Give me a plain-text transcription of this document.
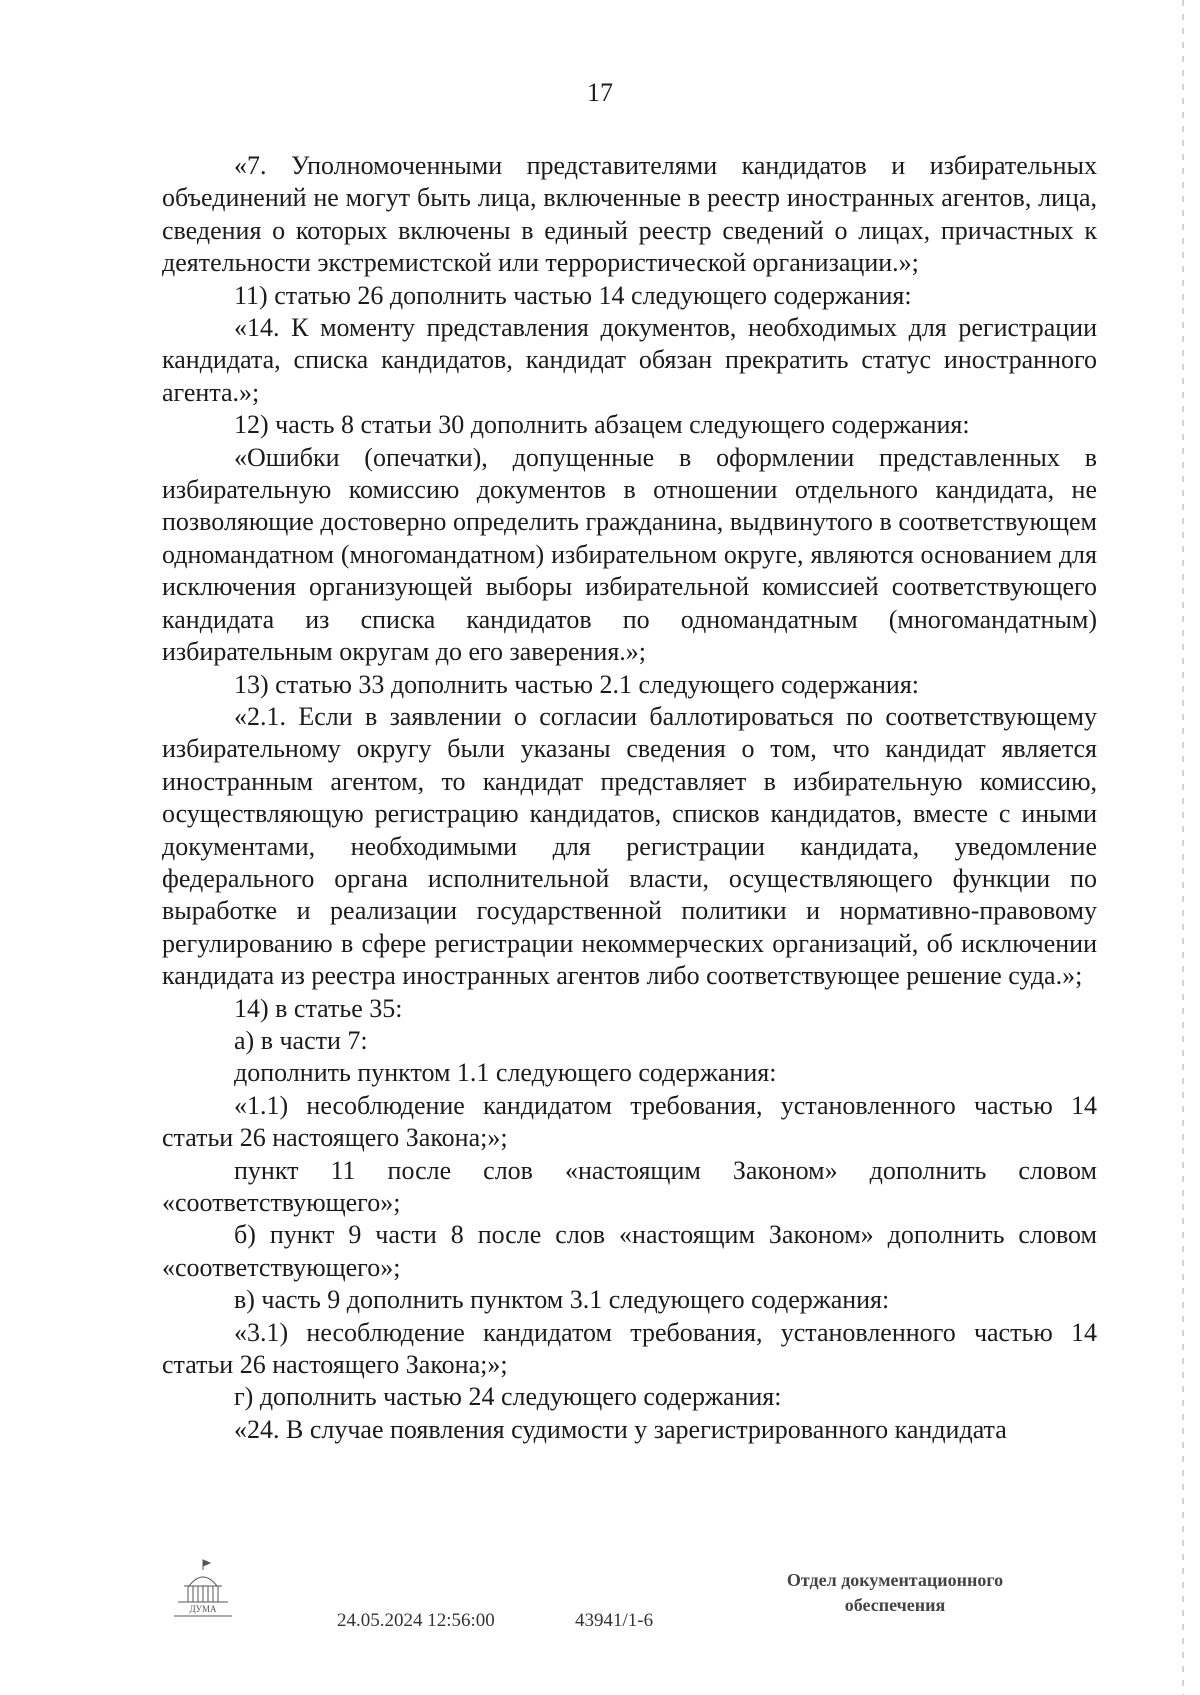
17

«7. Уполномоченными представителями кандидатов и избирательных объединений не могут быть лица, включенные в реестр иностранных агентов, лица, сведения о которых включены в единый реестр сведений о лицах, причастных к деятельности экстремистской или террористической организации.»;

11) статью 26 дополнить частью 14 следующего содержания:

«14. К моменту представления документов, необходимых для регистрации кандидата, списка кандидатов, кандидат обязан прекратить статус иностранного агента.»;

12) часть 8 статьи 30 дополнить абзацем следующего содержания:

«Ошибки (опечатки), допущенные в оформлении представленных в избирательную комиссию документов в отношении отдельного кандидата, не позволяющие достоверно определить гражданина, выдвинутого в соответствующем одномандатном (многомандатном) избирательном округе, являются основанием для исключения организующей выборы избирательной комиссией соответствующего кандидата из списка кандидатов по одномандатным (многомандатным) избирательным округам до его заверения.»;

13) статью 33 дополнить частью 2.1 следующего содержания:

«2.1. Если в заявлении о согласии баллотироваться по соответствующему избирательному округу были указаны сведения о том, что кандидат является иностранным агентом, то кандидат представляет в избирательную комиссию, осуществляющую регистрацию кандидатов, списков кандидатов, вместе с иными документами, необходимыми для регистрации кандидата, уведомление федерального органа исполнительной власти, осуществляющего функции по выработке и реализации государственной политики и нормативно-правовому регулированию в сфере регистрации некоммерческих организаций, об исключении кандидата из реестра иностранных агентов либо соответствующее решение суда.»;

14) в статье 35:

а) в части 7:

дополнить пунктом 1.1 следующего содержания:

«1.1) несоблюдение кандидатом требования, установленного частью 14 статьи 26 настоящего Закона;»;

пункт 11 после слов «настоящим Законом» дополнить словом «соответствующего»;

б) пункт 9 части 8 после слов «настоящим Законом» дополнить словом «соответствующего»;

в) часть 9 дополнить пунктом 3.1 следующего содержания:

«3.1) несоблюдение кандидатом требования, установленного частью 14 статьи 26 настоящего Закона;»;

г) дополнить частью 24 следующего содержания:

«24. В случае появления судимости у зарегистрированного кандидата

ДУМА
24.05.2024 12:56:00	43941/1-6
Отдел документационного
обеспечения
